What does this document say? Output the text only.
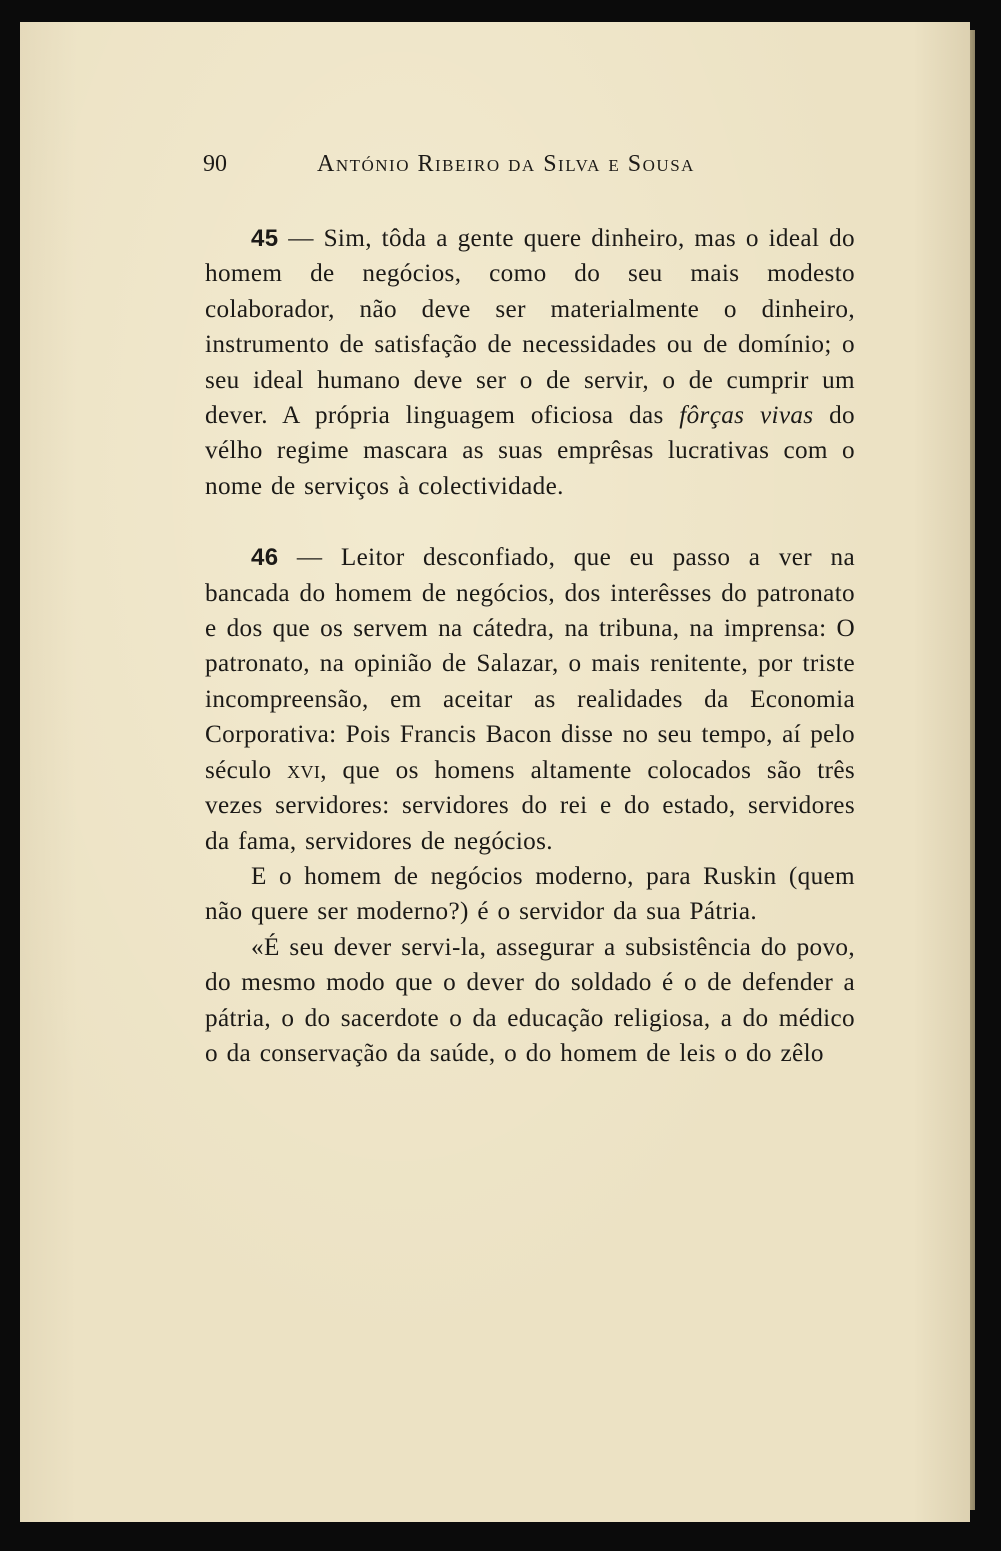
90	António Ribeiro da Silva e Sousa

45 — Sim, tôda a gente quere dinheiro, mas o ideal do homem de negócios, como do seu mais modesto colaborador, não deve ser materialmente o dinheiro, instrumento de satisfação de necessidades ou de domínio; o seu ideal humano deve ser o de servir, o de cumprir um dever. A própria linguagem oficiosa das fôrças vivas do vélho regime mascara as suas emprêsas lucrativas com o nome de serviços à colectividade.

46 — Leitor desconfiado, que eu passo a ver na bancada do homem de negócios, dos interêsses do patronato e dos que os servem na cátedra, na tribuna, na imprensa: O patronato, na opinião de Salazar, o mais renitente, por triste incompreensão, em aceitar as realidades da Economia Corporativa: Pois Francis Bacon disse no seu tempo, aí pelo século xvi, que os homens altamente colocados são três vezes servidores: servidores do rei e do estado, servidores da fama, servidores de negócios.

E o homem de negócios moderno, para Ruskin (quem não quere ser moderno?) é o servidor da sua Pátria.

«É seu dever servi-la, assegurar a subsistência do povo, do mesmo modo que o dever do soldado é o de defender a pátria, o do sacerdote o da educação religiosa, a do médico o da conservação da saúde, o do homem de leis o do zêlo
